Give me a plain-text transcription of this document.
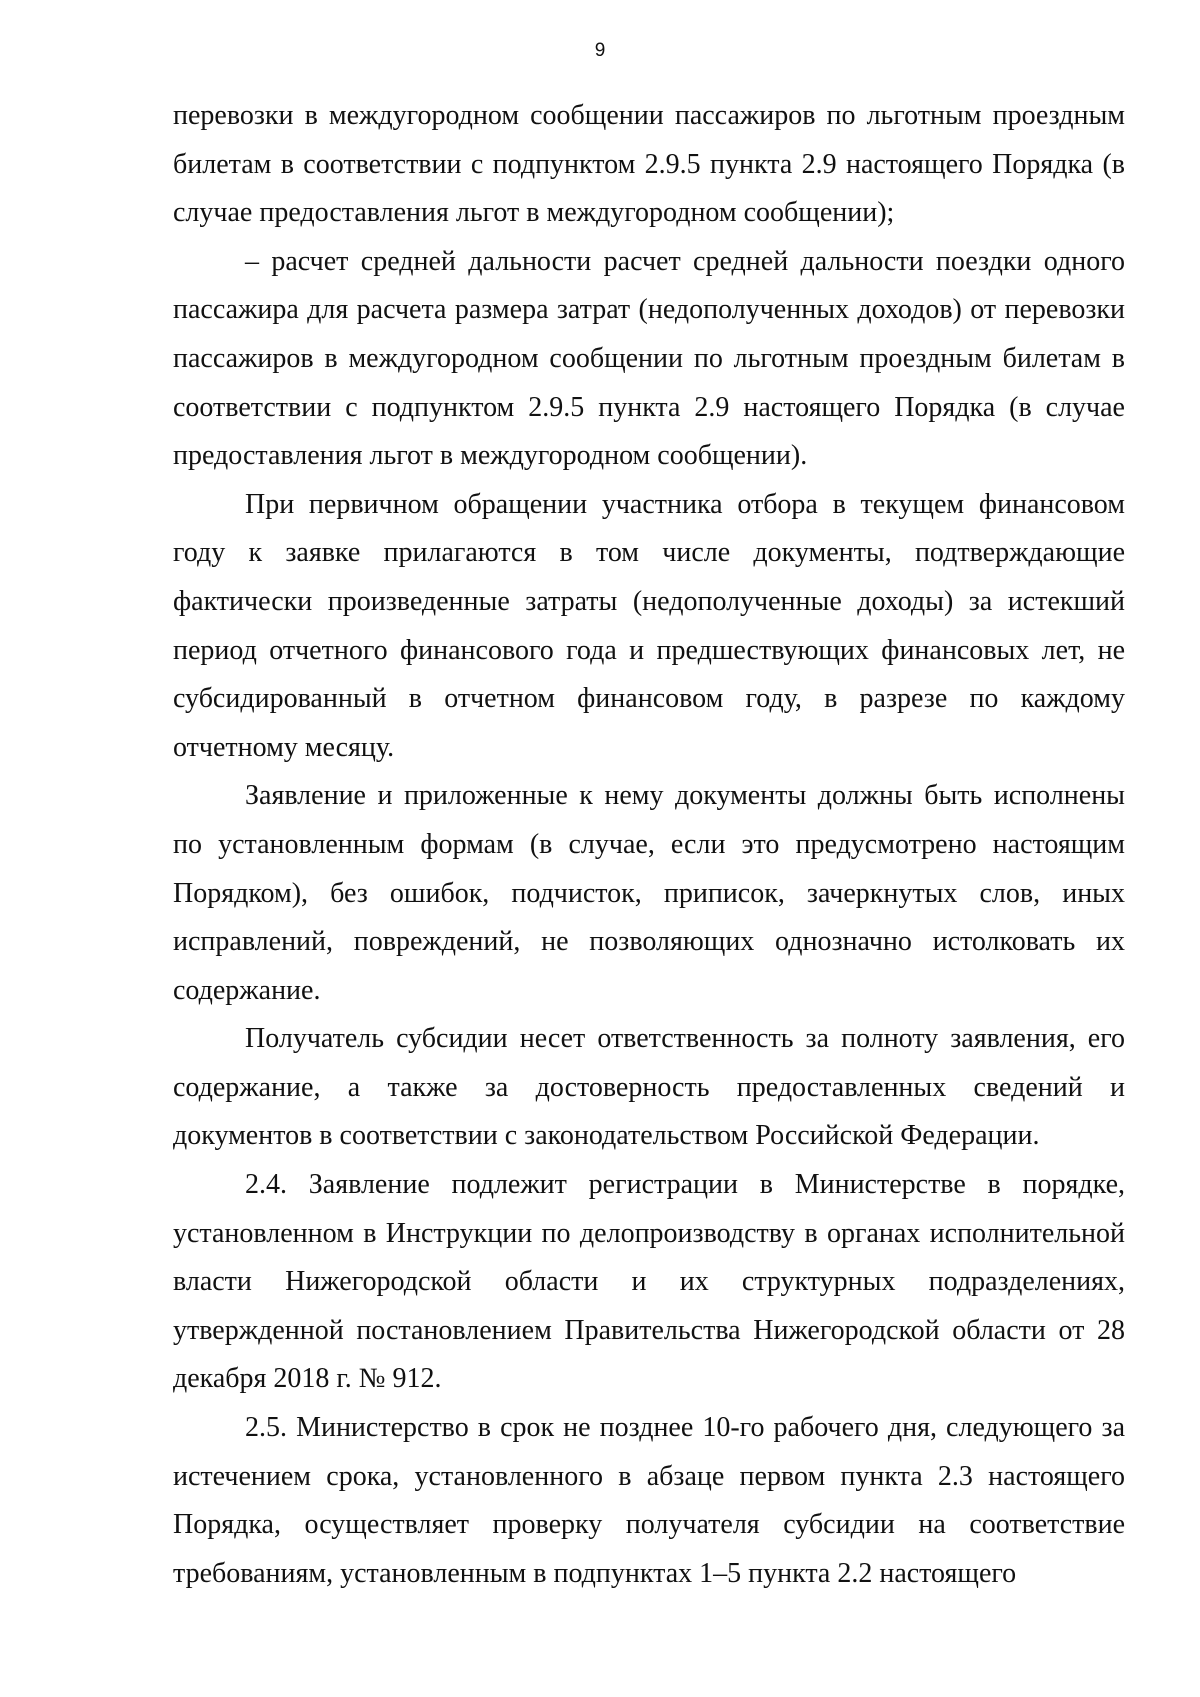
9

перевозки в междугородном сообщении пассажиров по льготным проездным билетам в соответствии с подпунктом 2.9.5 пункта 2.9 настоящего Порядка (в случае предоставления льгот в междугородном сообщении);

– расчет средней дальности расчет средней дальности поездки одного пассажира для расчета размера затрат (недополученных доходов) от перевозки пассажиров в междугородном сообщении по льготным проездным билетам в соответствии с подпунктом 2.9.5 пункта 2.9 настоящего Порядка (в случае предоставления льгот в междугородном сообщении).

При первичном обращении участника отбора в текущем финансовом году к заявке прилагаются в том числе документы, подтверждающие фактически произведенные затраты (недополученные доходы) за истекший период отчетного финансового года и предшествующих финансовых лет, не субсидированный в отчетном финансовом году, в разрезе по каждому отчетному месяцу.

Заявление и приложенные к нему документы должны быть исполнены по установленным формам (в случае, если это предусмотрено настоящим Порядком), без ошибок, подчисток, приписок, зачеркнутых слов, иных исправлений, повреждений, не позволяющих однозначно истолковать их содержание.

Получатель субсидии несет ответственность за полноту заявления, его содержание, а также за достоверность предоставленных сведений и документов в соответствии с законодательством Российской Федерации.

2.4. Заявление подлежит регистрации в Министерстве в порядке, установленном в Инструкции по делопроизводству в органах исполнительной власти Нижегородской области и их структурных подразделениях, утвержденной постановлением Правительства Нижегородской области от 28 декабря 2018 г. № 912.

2.5. Министерство в срок не позднее 10-го рабочего дня, следующего за истечением срока, установленного в абзаце первом пункта 2.3 настоящего Порядка, осуществляет проверку получателя субсидии на соответствие требованиям, установленным в подпунктах 1–5 пункта 2.2 настоящего
